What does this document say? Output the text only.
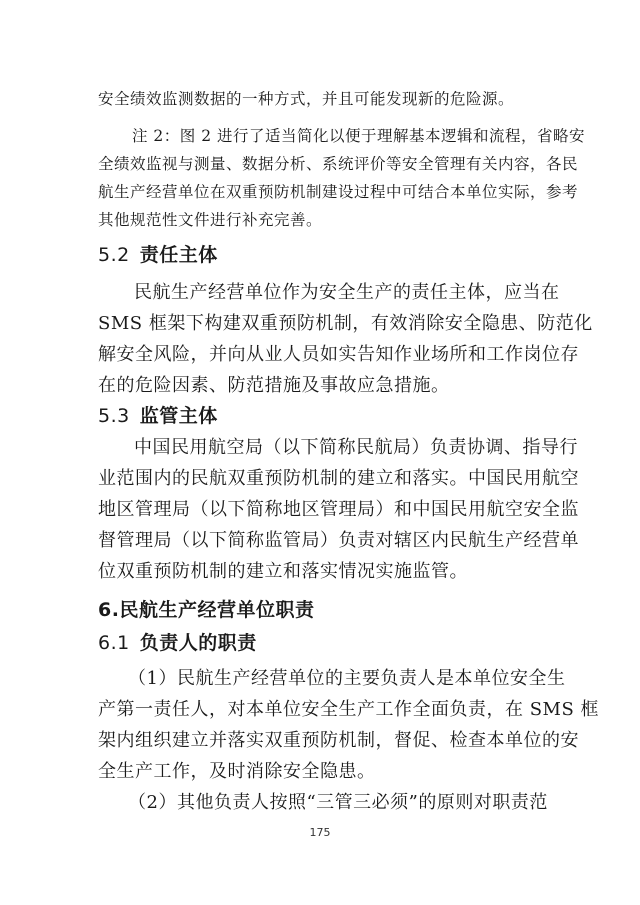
安全绩效监测数据的一种方式，并且可能发现新的危险源。
注 2：图 2 进行了适当简化以便于理解基本逻辑和流程，省略安
全绩效监视与测量、数据分析、系统评价等安全管理有关内容，各民
航生产经营单位在双重预防机制建设过程中可结合本单位实际，参考
其他规范性文件进行补充完善。
5.2 责任主体
民航生产经营单位作为安全生产的责任主体，应当在
SMS 框架下构建双重预防机制，有效消除安全隐患、防范化
解安全风险，并向从业人员如实告知作业场所和工作岗位存
在的危险因素、防范措施及事故应急措施。
5.3 监管主体
中国民用航空局（以下简称民航局）负责协调、指导行
业范围内的民航双重预防机制的建立和落实。中国民用航空
地区管理局（以下简称地区管理局）和中国民用航空安全监
督管理局（以下简称监管局）负责对辖区内民航生产经营单
位双重预防机制的建立和落实情况实施监管。
6.民航生产经营单位职责
6.1 负责人的职责
（1）民航生产经营单位的主要负责人是本单位安全生
产第一责任人，对本单位安全生产工作全面负责，在 SMS 框
架内组织建立并落实双重预防机制，督促、检查本单位的安
全生产工作，及时消除安全隐患。
（2）其他负责人按照“三管三必须”的原则对职责范
175
